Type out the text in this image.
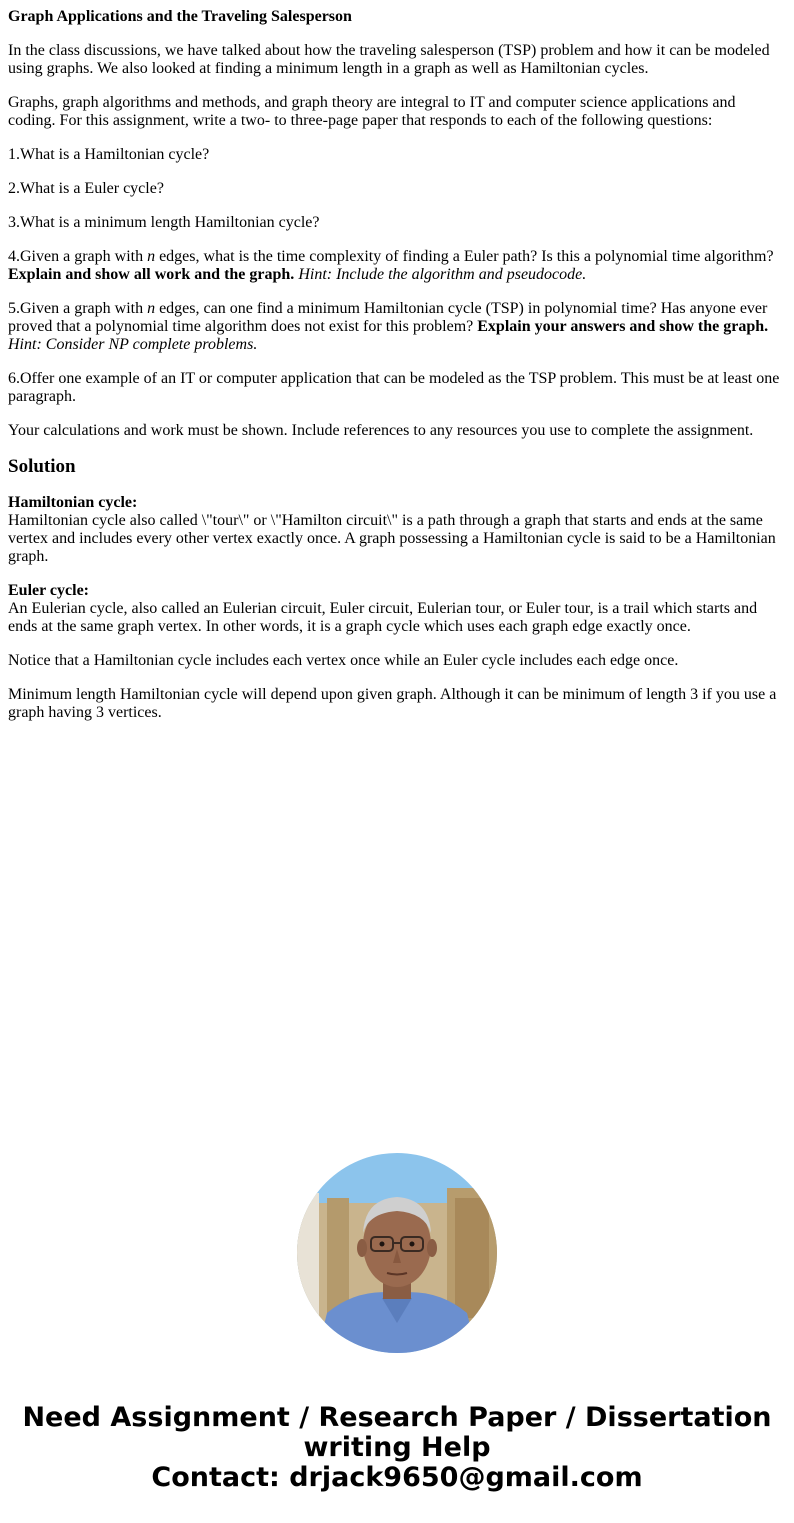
Graph Applications and the Traveling Salesperson

In the class discussions, we have talked about how the traveling salesperson (TSP) problem and how it can be modeled using graphs. We also looked at finding a minimum length in a graph as well as Hamiltonian cycles.

Graphs, graph algorithms and methods, and graph theory are integral to IT and computer science applications and coding. For this assignment, write a two- to three-page paper that responds to each of the following questions:

1.What is a Hamiltonian cycle?

2.What is a Euler cycle?

3.What is a minimum length Hamiltonian cycle?

4.Given a graph with n edges, what is the time complexity of finding a Euler path? Is this a polynomial time algorithm? Explain and show all work and the graph. Hint: Include the algorithm and pseudocode.

5.Given a graph with n edges, can one find a minimum Hamiltonian cycle (TSP) in polynomial time? Has anyone ever proved that a polynomial time algorithm does not exist for this problem? Explain your answers and show the graph.
Hint: Consider NP complete problems.

6.Offer one example of an IT or computer application that can be modeled as the TSP problem. This must be at least one paragraph.

Your calculations and work must be shown. Include references to any resources you use to complete the assignment.

Solution

Hamiltonian cycle:
Hamiltonian cycle also called \"tour\" or \"Hamilton circuit\" is a path through a graph that starts and ends at the same vertex and includes every other vertex exactly once. A graph possessing a Hamiltonian cycle is said to be a Hamiltonian graph.

Euler cycle:
An Eulerian cycle, also called an Eulerian circuit, Euler circuit, Eulerian tour, or Euler tour, is a trail which starts and ends at the same graph vertex. In other words, it is a graph cycle which uses each graph edge exactly once.

Notice that a Hamiltonian cycle includes each vertex once while an Euler cycle includes each edge once.

Minimum length Hamiltonian cycle will depend upon given graph. Although it can be minimum of length 3 if you use a graph having 3 vertices.

Need Assignment / Research Paper / Dissertation
writing Help
Contact: drjack9650@gmail.com
